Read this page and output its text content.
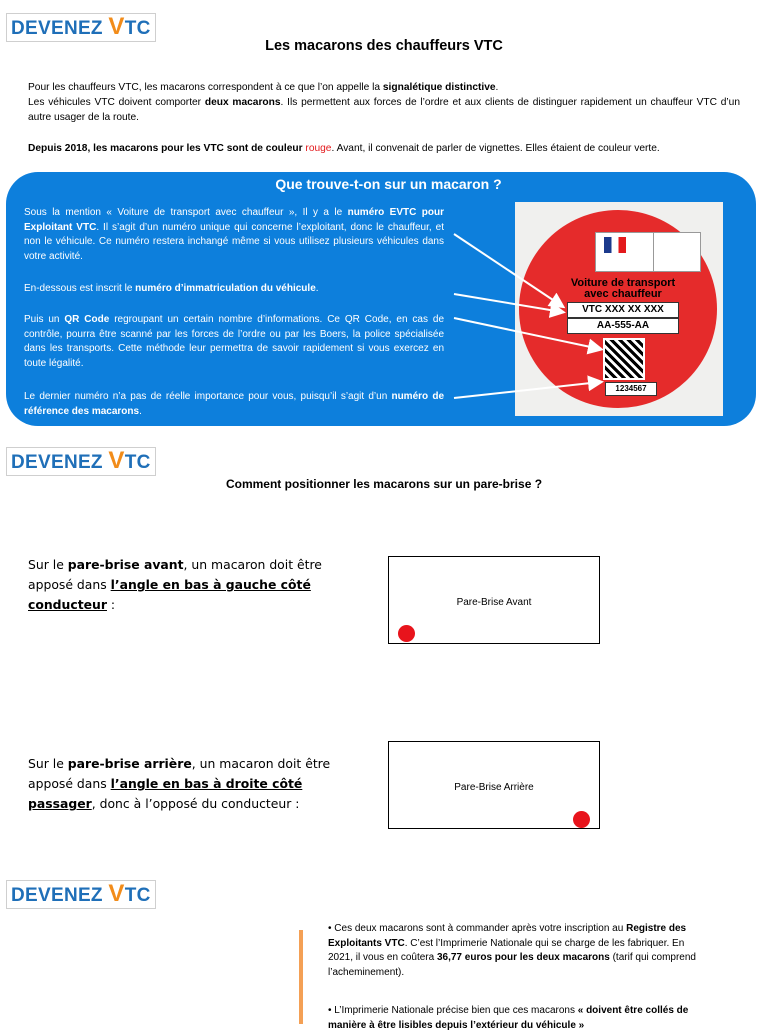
DEVENEZ VTC
Les macarons des chauffeurs VTC
Pour les chauffeurs VTC, les macarons correspondent à ce que l’on appelle la signalétique distinctive.
Les véhicules VTC doivent comporter deux macarons. Ils permettent aux forces de l’ordre et aux clients de distinguer rapidement un chauffeur VTC d’un autre usager de la route.
Depuis 2018, les macarons pour les VTC sont de couleur rouge. Avant, il convenait de parler de vignettes. Elles étaient de couleur verte.
Que trouve-t-on sur un macaron ?
Sous la mention « Voiture de transport avec chauffeur », Il y a le numéro EVTC pour Exploitant VTC. Il s’agit d’un numéro unique qui concerne l’exploitant, donc le chauffeur, et non le véhicule. Ce numéro restera inchangé même si vous utilisez plusieurs véhicules dans votre activité.
En-dessous est inscrit le numéro d’immatriculation du véhicule.
Puis un QR Code regroupant un certain nombre d’informations. Ce QR Code, en cas de contrôle, pourra être scanné par les forces de l’ordre ou par les Boers, la police spécialisée dans les transports. Cette méthode leur permettra de savoir rapidement si vous exercez en toute légalité.
Le dernier numéro n’a pas de réelle importance pour vous, puisqu’il s’agit d’un numéro de référence des macarons.
Voiture de transport
avec chauffeur
VTC XXX XX XXX
AA-555-AA
1234567
DEVENEZ VTC
Comment positionner les macarons sur un pare-brise ?
Sur le pare-brise avant, un macaron doit être apposé dans l’angle en bas à gauche côté conducteur :	Pare-Brise Avant
Sur le pare-brise arrière, un macaron doit être apposé dans l’angle en bas à droite côté passager, donc à l’opposé du conducteur :
Pare-Brise Arrière
DEVENEZ VTC
• Ces deux macarons sont à commander après votre inscription au Registre des Exploitants VTC. C’est l’Imprimerie Nationale qui se charge de les fabriquer. En 2021, il vous en coûtera 36,77 euros pour les deux macarons (tarif qui comprend l’acheminement).
• L’Imprimerie Nationale précise bien que ces macarons « doivent être collés de manière à être lisibles depuis l’extérieur du véhicule »
